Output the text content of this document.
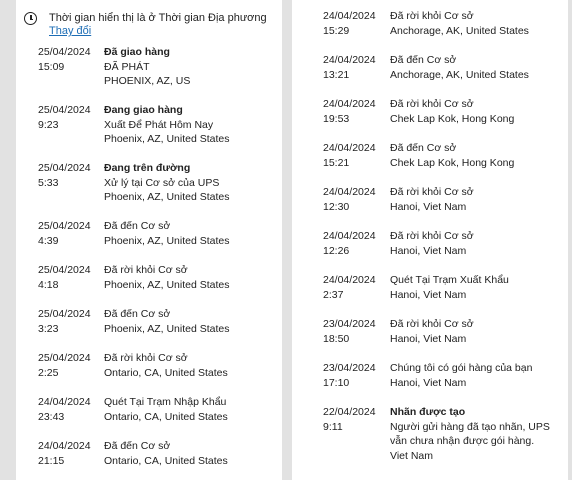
Thời gian hiển thị là ở Thời gian Địa phương
Thay đổi
25/04/2024
15:09
Đã giao hàng
ĐÃ PHÁT
PHOENIX, AZ, US
25/04/2024
9:23
Đang giao hàng
Xuất Để Phát Hôm Nay
Phoenix, AZ, United States
25/04/2024
5:33
Đang trên đường
Xử lý tại Cơ sở của UPS
Phoenix, AZ, United States
25/04/2024
4:39
Đã đến Cơ sở
Phoenix, AZ, United States
25/04/2024
4:18
Đã rời khỏi Cơ sở
Phoenix, AZ, United States
25/04/2024
3:23
Đã đến Cơ sở
Phoenix, AZ, United States
25/04/2024
2:25
Đã rời khỏi Cơ sở
Ontario, CA, United States
24/04/2024
23:43
Quét Tại Trạm Nhập Khẩu
Ontario, CA, United States
24/04/2024
21:15
Đã đến Cơ sở
Ontario, CA, United States
24/04/2024
15:29
Đã rời khỏi Cơ sở
Anchorage, AK, United States
24/04/2024
13:21
Đã đến Cơ sở
Anchorage, AK, United States
24/04/2024
19:53
Đã rời khỏi Cơ sở
Chek Lap Kok, Hong Kong
24/04/2024
15:21
Đã đến Cơ sở
Chek Lap Kok, Hong Kong
24/04/2024
12:30
Đã rời khỏi Cơ sở
Hanoi, Viet Nam
24/04/2024
12:26
Đã rời khỏi Cơ sở
Hanoi, Viet Nam
24/04/2024
2:37
Quét Tại Trạm Xuất Khẩu
Hanoi, Viet Nam
23/04/2024
18:50
Đã rời khỏi Cơ sở
Hanoi, Viet Nam
23/04/2024
17:10
Chúng tôi có gói hàng của bạn
Hanoi, Viet Nam
22/04/2024
9:11
Nhãn được tạo
Người gửi hàng đã tạo nhãn, UPS vẫn chưa nhận được gói hàng.
Viet Nam
